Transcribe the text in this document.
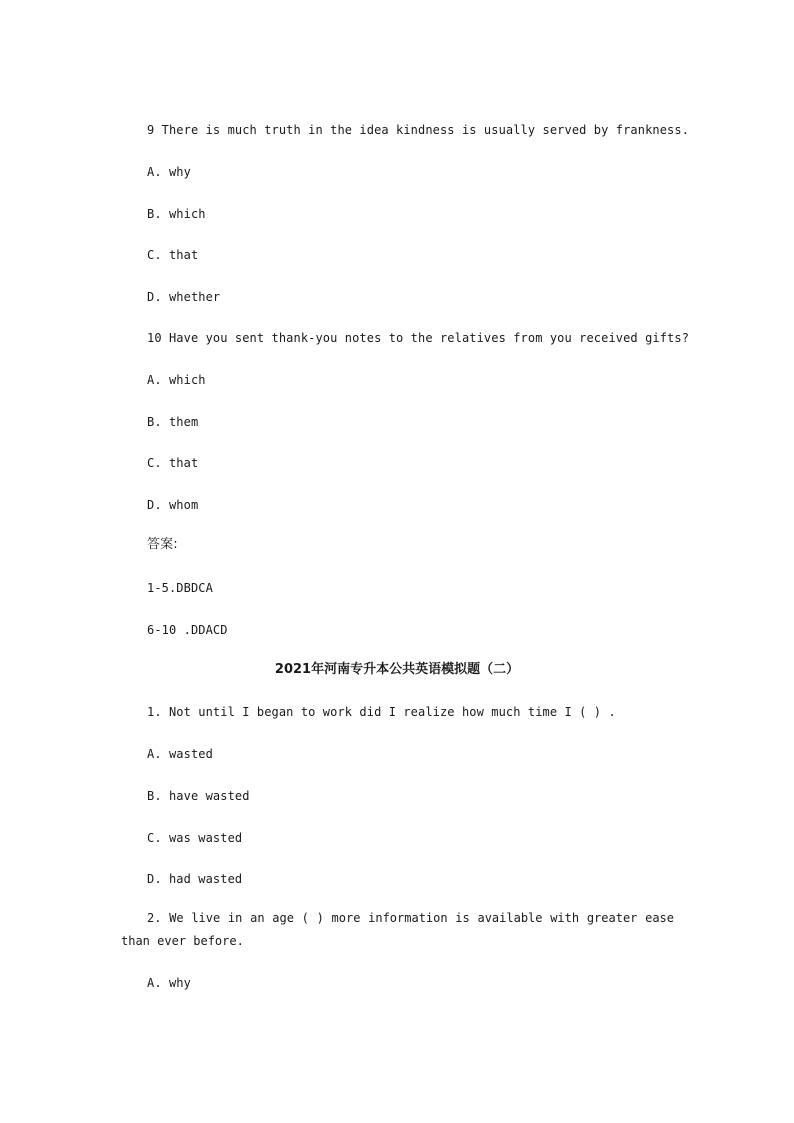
9 There is much truth in the idea kindness is usually served by frankness.
A. why
B. which
C. that
D. whether
10 Have you sent thank-you notes to the relatives from you received gifts?
A. which
B. them
C. that
D. whom
答案:
1-5.DBDCA
6-10 .DDACD
2021年河南专升本公共英语模拟题（二）
1. Not until I began to work did I realize how much time I ( ) .
A. wasted
B. have wasted
C. was wasted
D. had wasted
2. We live in an age ( ) more information is available with greater ease than ever before.
A. why
